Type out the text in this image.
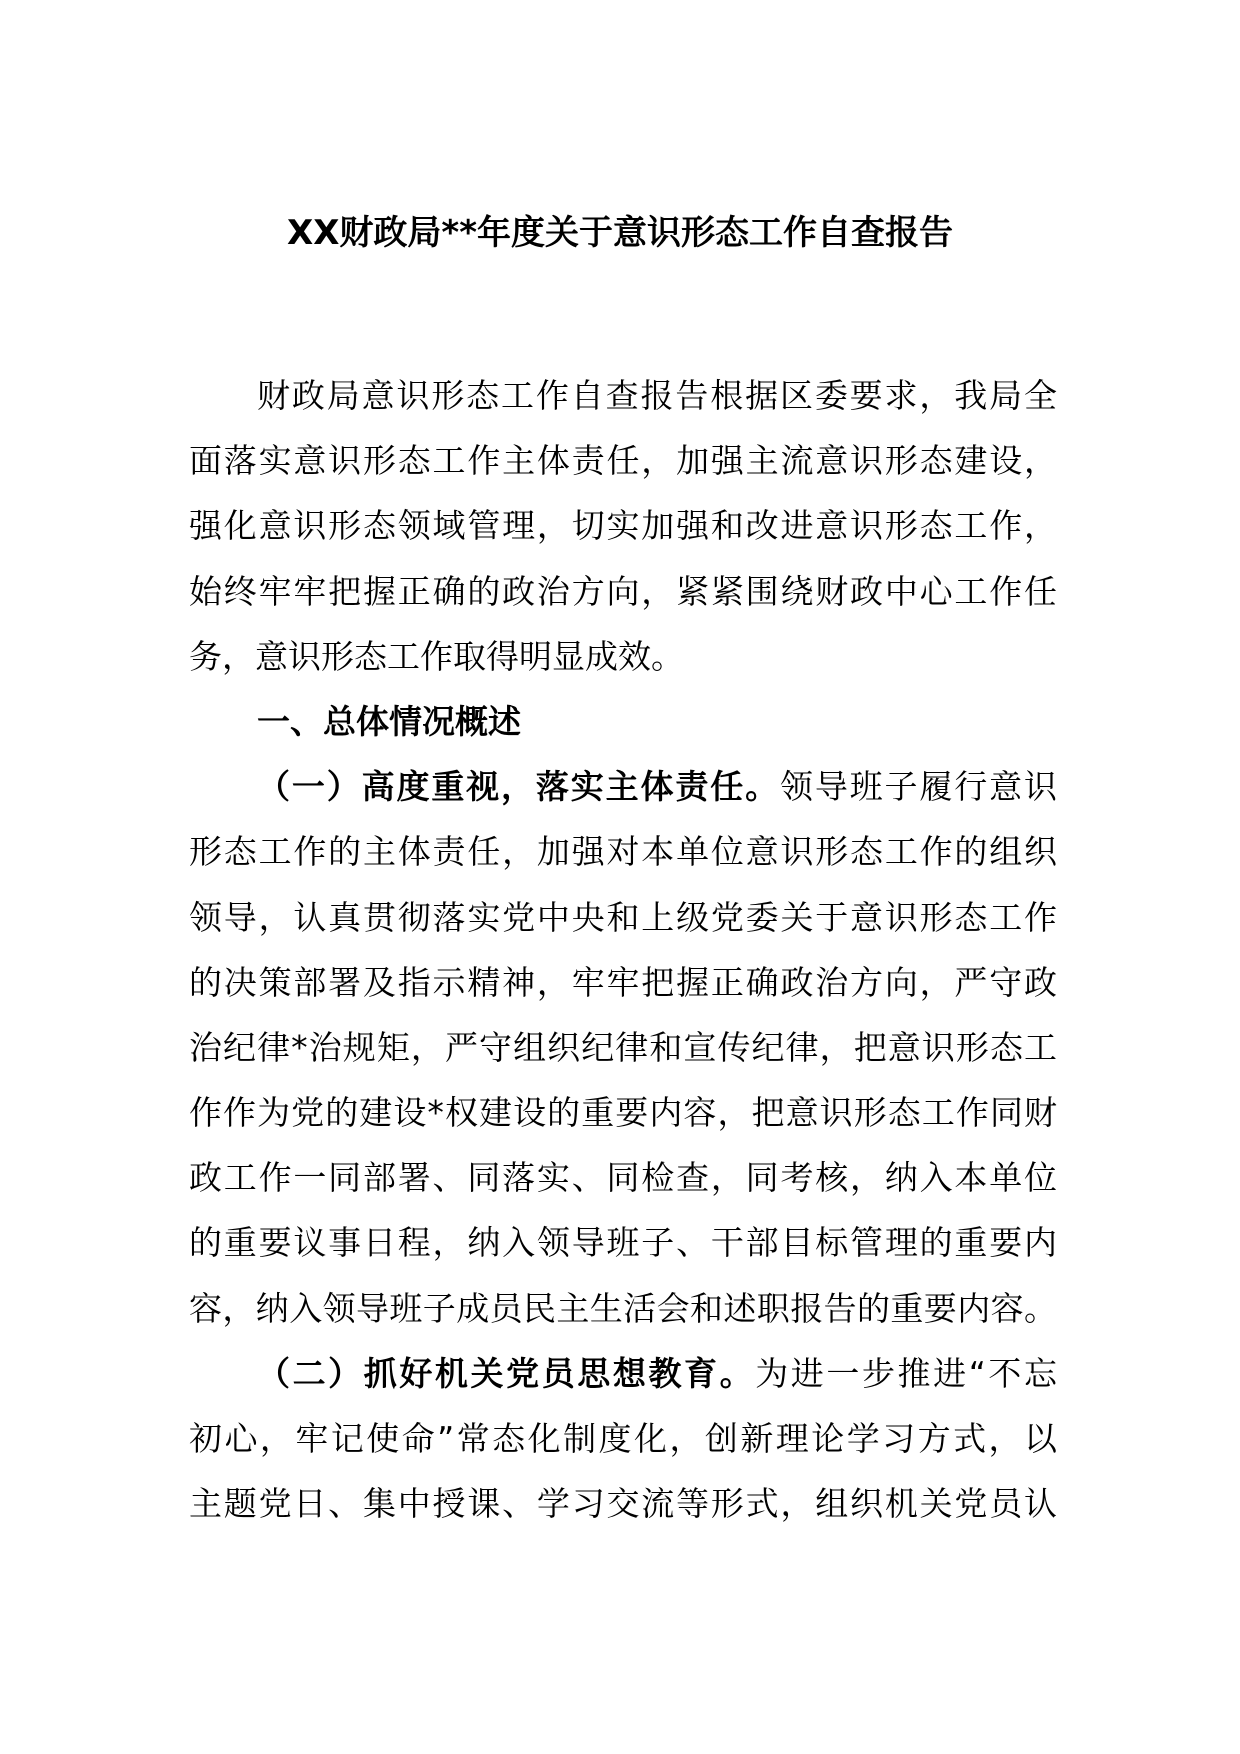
XX财政局**年度关于意识形态工作自查报告
财政局意识形态工作自查报告根据区委要求，我局全
面落实意识形态工作主体责任，加强主流意识形态建设，
强化意识形态领域管理，切实加强和改进意识形态工作，
始终牢牢把握正确的政治方向，紧紧围绕财政中心工作任
务，意识形态工作取得明显成效。
一、总体情况概述
（一）高度重视，落实主体责任。领导班子履行意识
形态工作的主体责任，加强对本单位意识形态工作的组织
领导，认真贯彻落实党中央和上级党委关于意识形态工作
的决策部署及指示精神，牢牢把握正确政治方向，严守政
治纪律*治规矩，严守组织纪律和宣传纪律，把意识形态工
作作为党的建设*权建设的重要内容，把意识形态工作同财
政工作一同部署、同落实、同检查，同考核，纳入本单位
的重要议事日程，纳入领导班子、干部目标管理的重要内
容，纳入领导班子成员民主生活会和述职报告的重要内容。
（二）抓好机关党员思想教育。为进一步推进“不忘
初心，牢记使命”常态化制度化，创新理论学习方式，以
主题党日、集中授课、学习交流等形式，组织机关党员认
